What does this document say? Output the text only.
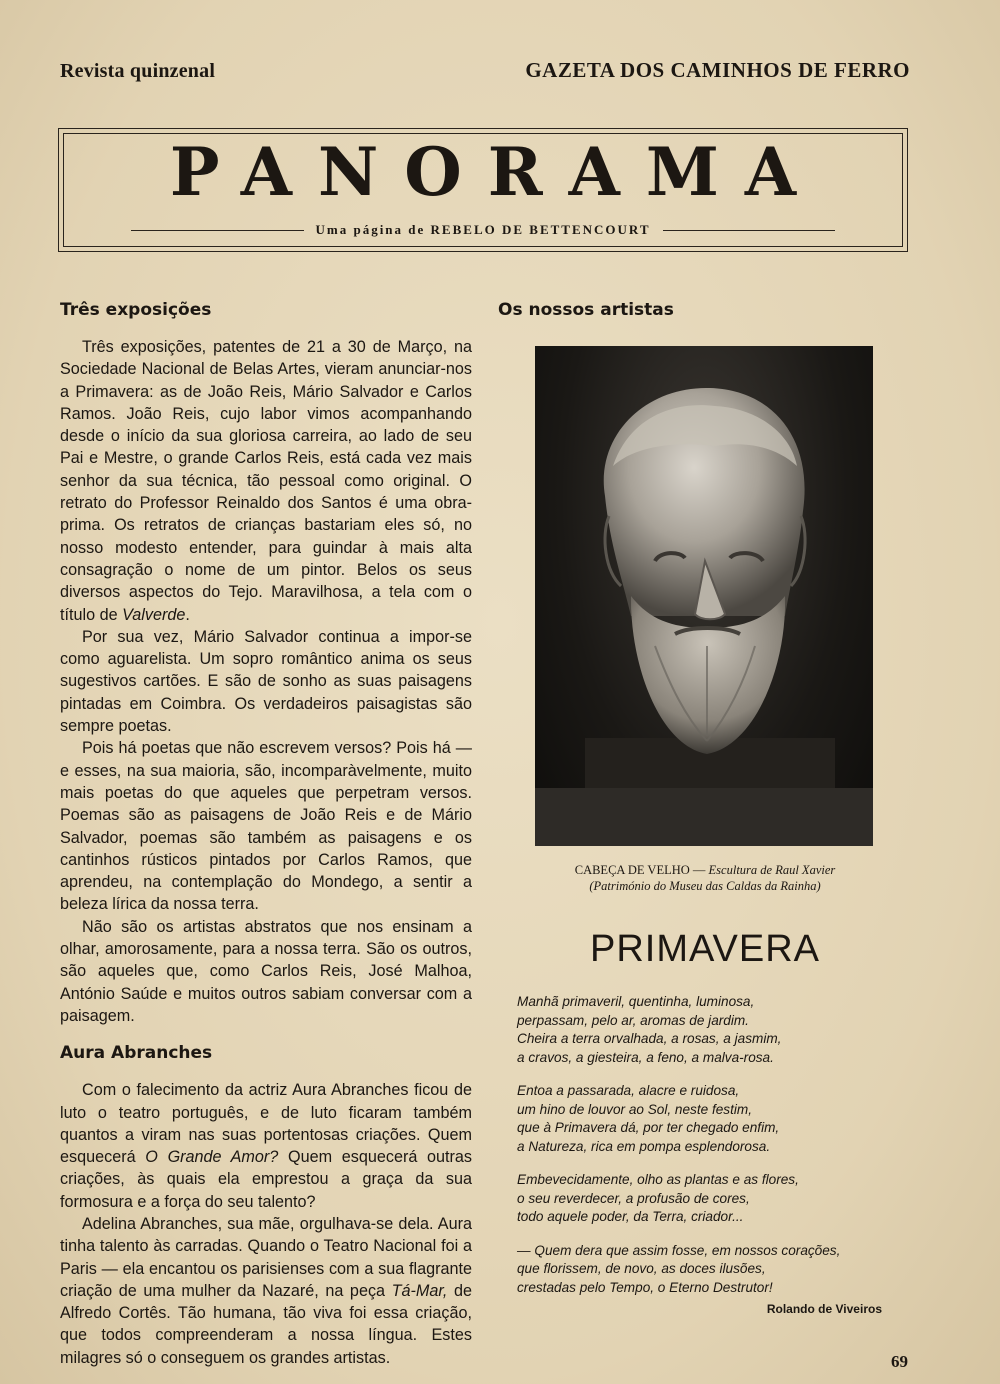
Revista quinzenal	GAZETA DOS CAMINHOS DE FERRO
PANORAMA
Uma página de REBELO DE BETTENCOURT
Três exposições

Três exposições, patentes de 21 a 30 de Março, na Sociedade Nacional de Belas Artes, vieram anunciar-nos a Primavera: as de João Reis, Mário Salvador e Carlos Ramos. João Reis, cujo labor vimos acompanhando desde o início da sua gloriosa carreira, ao lado de seu Pai e Mestre, o grande Carlos Reis, está cada vez mais senhor da sua técnica, tão pessoal como original. O retrato do Professor Reinaldo dos Santos é uma obra-prima. Os retratos de crianças bastariam eles só, no nosso modesto entender, para guindar à mais alta consagração o nome de um pintor. Belos os seus diversos aspectos do Tejo. Maravilhosa, a tela com o título de Valverde.

Por sua vez, Mário Salvador continua a impor-se como aguarelista. Um sopro romântico anima os seus sugestivos cartões. E são de sonho as suas paisagens pintadas em Coimbra. Os verdadeiros paisagistas são sempre poetas.

Pois há poetas que não escrevem versos? Pois há — e esses, na sua maioria, são, incomparàvelmente, muito mais poetas do que aqueles que perpetram versos. Poemas são as paisagens de João Reis e de Mário Salvador, poemas são também as paisagens e os cantinhos rústicos pintados por Carlos Ramos, que aprendeu, na contemplação do Mondego, a sentir a beleza lírica da nossa terra.

Não são os artistas abstratos que nos ensinam a olhar, amorosamente, para a nossa terra. São os outros, são aqueles que, como Carlos Reis, José Malhoa, António Saúde e muitos outros sabiam conversar com a paisagem.

Aura Abranches

Com o falecimento da actriz Aura Abranches ficou de luto o teatro português, e de luto ficaram também quantos a viram nas suas portentosas criações. Quem esquecerá O Grande Amor? Quem esquecerá outras criações, às quais ela emprestou a graça da sua formosura e a força do seu talento?

Adelina Abranches, sua mãe, orgulhava-se dela. Aura tinha talento às carradas. Quando o Teatro Nacional foi a Paris — ela encantou os parisienses com a sua flagrante criação de uma mulher da Nazaré, na peça Tá-Mar, de Alfredo Cortês. Tão humana, tão viva foi essa criação, que todos compreenderam a nossa língua. Estes milagres só o conseguem os grandes artistas.

Os nossos artistas
CABEÇA DE VELHO — Escultura de Raul Xavier
(Património do Museu das Caldas da Rainha)
PRIMAVERA
Manhã primaveril, quentinha, luminosa,
perpassam, pelo ar, aromas de jardim.
Cheira a terra orvalhada, a rosas, a jasmim,
a cravos, a giesteira, a feno, a malva-rosa.
Entoa a passarada, alacre e ruidosa,
um hino de louvor ao Sol, neste festim,
que à Primavera dá, por ter chegado enfim,
a Natureza, rica em pompa esplendorosa.
Embevecidamente, olho as plantas e as flores,
o seu reverdecer, a profusão de cores,
todo aquele poder, da Terra, criador...
— Quem dera que assim fosse, em nossos corações,
que florissem, de novo, as doces ilusões,
crestadas pelo Tempo, o Eterno Destrutor!
Rolando de Viveiros
69
